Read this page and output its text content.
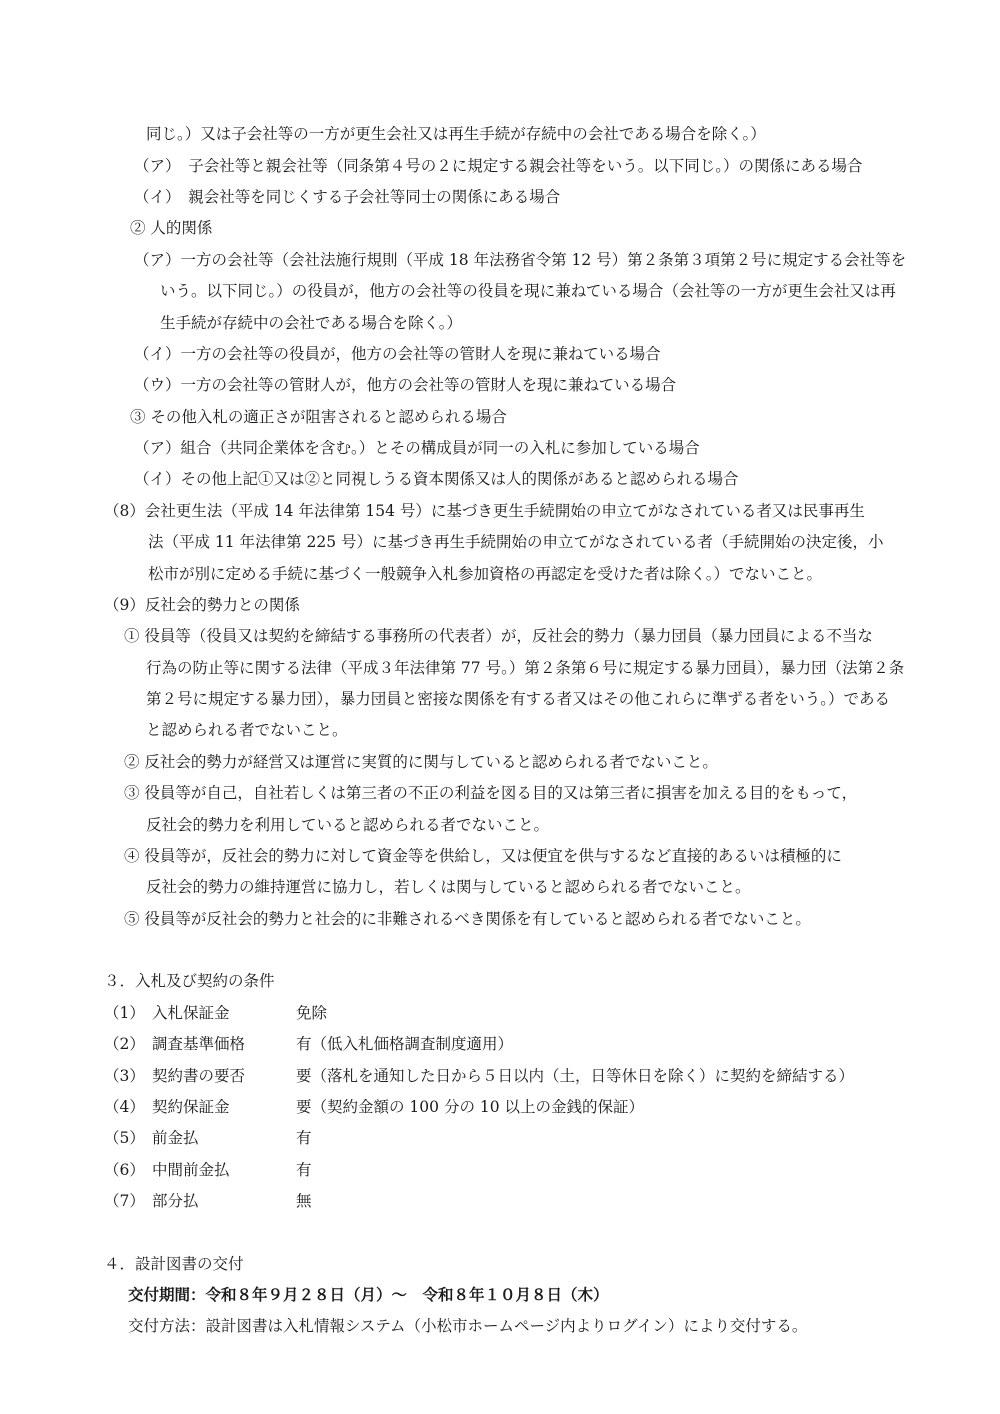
同じ。）又は子会社等の一方が更生会社又は再生手続が存続中の会社である場合を除く。）
（ア）　子会社等と親会社等（同条第４号の２に規定する親会社等をいう。以下同じ。）の関係にある場合
（イ）　親会社等を同じくする子会社等同士の関係にある場合
② 人的関係
（ア）一方の会社等（会社法施行規則（平成 18 年法務省令第 12 号）第２条第３項第２号に規定する会社等を
いう。以下同じ。）の役員が，他方の会社等の役員を現に兼ねている場合（会社等の一方が更生会社又は再
生手続が存続中の会社である場合を除く。）
（イ）一方の会社等の役員が，他方の会社等の管財人を現に兼ねている場合
（ウ）一方の会社等の管財人が，他方の会社等の管財人を現に兼ねている場合
③ その他入札の適正さが阻害されると認められる場合
（ア）組合（共同企業体を含む。）とその構成員が同一の入札に参加している場合
（イ）その他上記①又は②と同視しうる資本関係又は人的関係があると認められる場合
（8）会社更生法（平成 14 年法律第 154 号）に基づき更生手続開始の申立てがなされている者又は民事再生
法（平成 11 年法律第 225 号）に基づき再生手続開始の申立てがなされている者（手続開始の決定後，小
松市が別に定める手続に基づく一般競争入札参加資格の再認定を受けた者は除く。）でないこと。
（9）反社会的勢力との関係
① 役員等（役員又は契約を締結する事務所の代表者）が，反社会的勢力（暴力団員（暴力団員による不当な
行為の防止等に関する法律（平成３年法律第 77 号。）第２条第６号に規定する暴力団員），暴力団（法第２条
第２号に規定する暴力団），暴力団員と密接な関係を有する者又はその他これらに準ずる者をいう。）である
と認められる者でないこと。
② 反社会的勢力が経営又は運営に実質的に関与していると認められる者でないこと。
③ 役員等が自己，自社若しくは第三者の不正の利益を図る目的又は第三者に損害を加える目的をもって，
反社会的勢力を利用していると認められる者でないこと。
④ 役員等が，反社会的勢力に対して資金等を供給し，又は便宜を供与するなど直接的あるいは積極的に
反社会的勢力の維持運営に協力し，若しくは関与していると認められる者でないこと。
⑤ 役員等が反社会的勢力と社会的に非難されるべき関係を有していると認められる者でないこと。
３．入札及び契約の条件
（1） 入札保証金	免除
（2） 調査基準価格	有（低入札価格調査制度適用）
（3） 契約書の要否	要（落札を通知した日から５日以内（土，日等休日を除く）に契約を締結する）
（4） 契約保証金	要（契約金額の 100 分の 10 以上の金銭的保証）
（5） 前金払	有
（6） 中間前金払	有
（7） 部分払	無
４．設計図書の交付
交付期間：令和８年９月２８日（月）～　令和８年１０月８日（木）
交付方法：設計図書は入札情報システム（小松市ホームページ内よりログイン）により交付する。
